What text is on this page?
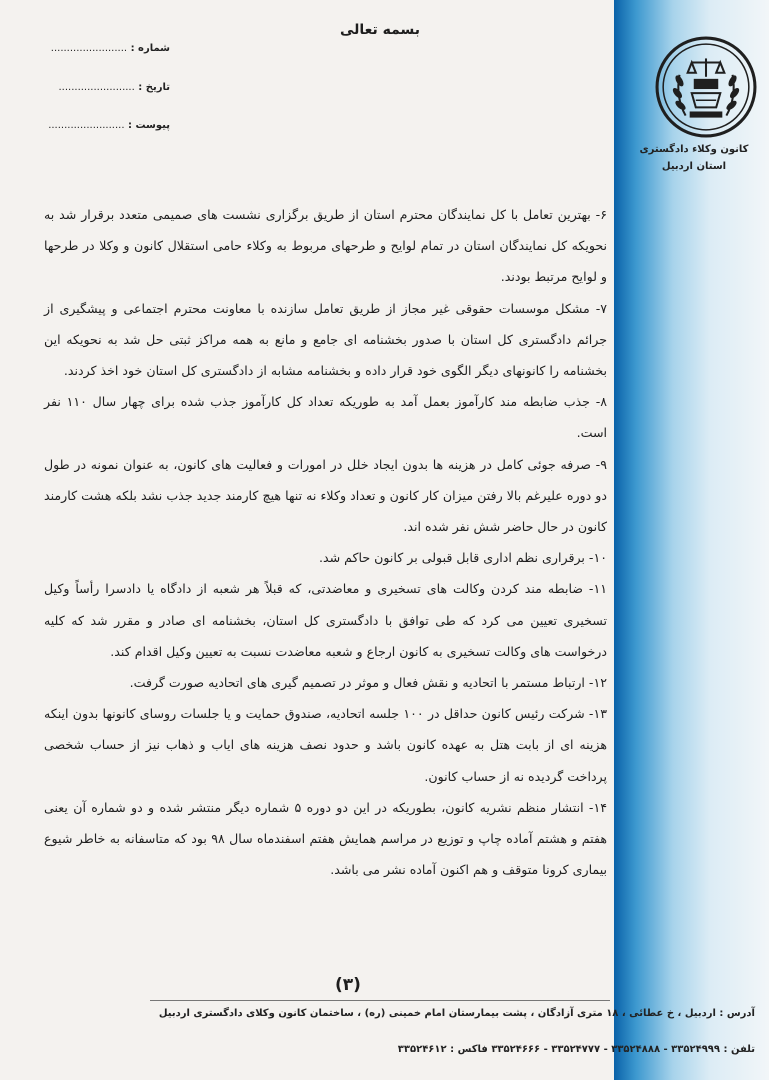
کانون وکلاء دادگستری
استان اردبیل
بسمه تعالی
شماره : ........................
تاریخ : ........................
پیوست : ........................

۶- بهترین تعامل با کل نمایندگان محترم استان از طریق برگزاری نشست های صمیمی متعدد برقرار شد به نحویکه کل نمایندگان استان در تمام لوایح و طرحهای مربوط به وکلاء حامی استقلال کانون و وکلا در طرحها و لوایح مرتبط بودند.

۷- مشکل موسسات حقوقی غیر مجاز از طریق تعامل سازنده با معاونت محترم اجتماعی و پیشگیری از جرائم دادگستری کل استان با صدور بخشنامه ای جامع و مانع به همه مراکز ثبتی حل شد به نحویکه این بخشنامه را کانونهای دیگر الگوی خود قرار داده و بخشنامه مشابه از دادگستری کل استان خود اخذ کردند.

۸- جذب ضابطه مند کارآموز بعمل آمد به طوریکه تعداد کل کارآموز جذب شده برای چهار سال ۱۱۰ نفر است.

۹- صرفه جوئی کامل در هزینه ها بدون ایجاد خلل در امورات و فعالیت های کانون، به عنوان نمونه در طول دو دوره علیرغم بالا رفتن میزان کار کانون و تعداد وکلاء نه تنها هیچ کارمند جدید جذب نشد بلکه هشت کارمند کانون در حال حاضر شش نفر شده اند.

۱۰- برقراری نظم اداری قابل قبولی بر کانون حاکم شد.

۱۱- ضابطه مند کردن وکالت های تسخیری و معاضدتی، که قبلاً هر شعبه از دادگاه یا دادسرا رأساً وکیل تسخیری تعیین می کرد که طی توافق با دادگستری کل استان، بخشنامه ای صادر و مقرر شد که کلیه درخواست های وکالت تسخیری به کانون ارجاع و شعبه معاضدت نسبت به تعیین وکیل اقدام کند.

۱۲- ارتباط مستمر با اتحادیه و نقش فعال و موثر در تصمیم گیری های اتحادیه صورت گرفت.

۱۳- شرکت رئیس کانون حداقل در ۱۰۰ جلسه اتحادیه، صندوق حمایت و یا جلسات روسای کانونها بدون اینکه هزینه ای از بابت هتل به عهده کانون باشد و حدود نصف هزینه های ایاب و ذهاب نیز از حساب شخصی پرداخت گردیده نه از حساب کانون.

۱۴- انتشار منظم نشریه کانون، بطوریکه در این دو دوره ۵ شماره دیگر منتشر شده و دو شماره آن یعنی هفتم و هشتم آماده چاپ و توزیع در مراسم همایش هفتم اسفندماه سال ۹۸ بود که متاسفانه به خاطر شیوع بیماری کرونا متوقف و هم اکنون آماده نشر می باشد.

(۳)
آدرس : اردبیل ، خ عطائی ، ۱۸ متری آزادگان ، پشت بیمارستان امام خمینی (ره) ، ساختمان کانون وکلای دادگستری اردبیل
تلفن : ۳۳۵۲۴۹۹۹ - ۳۳۵۲۴۸۸۸ - ۳۳۵۲۴۷۷۷ - ۳۳۵۲۴۶۶۶ فاکس : ۳۳۵۲۴۶۱۲
